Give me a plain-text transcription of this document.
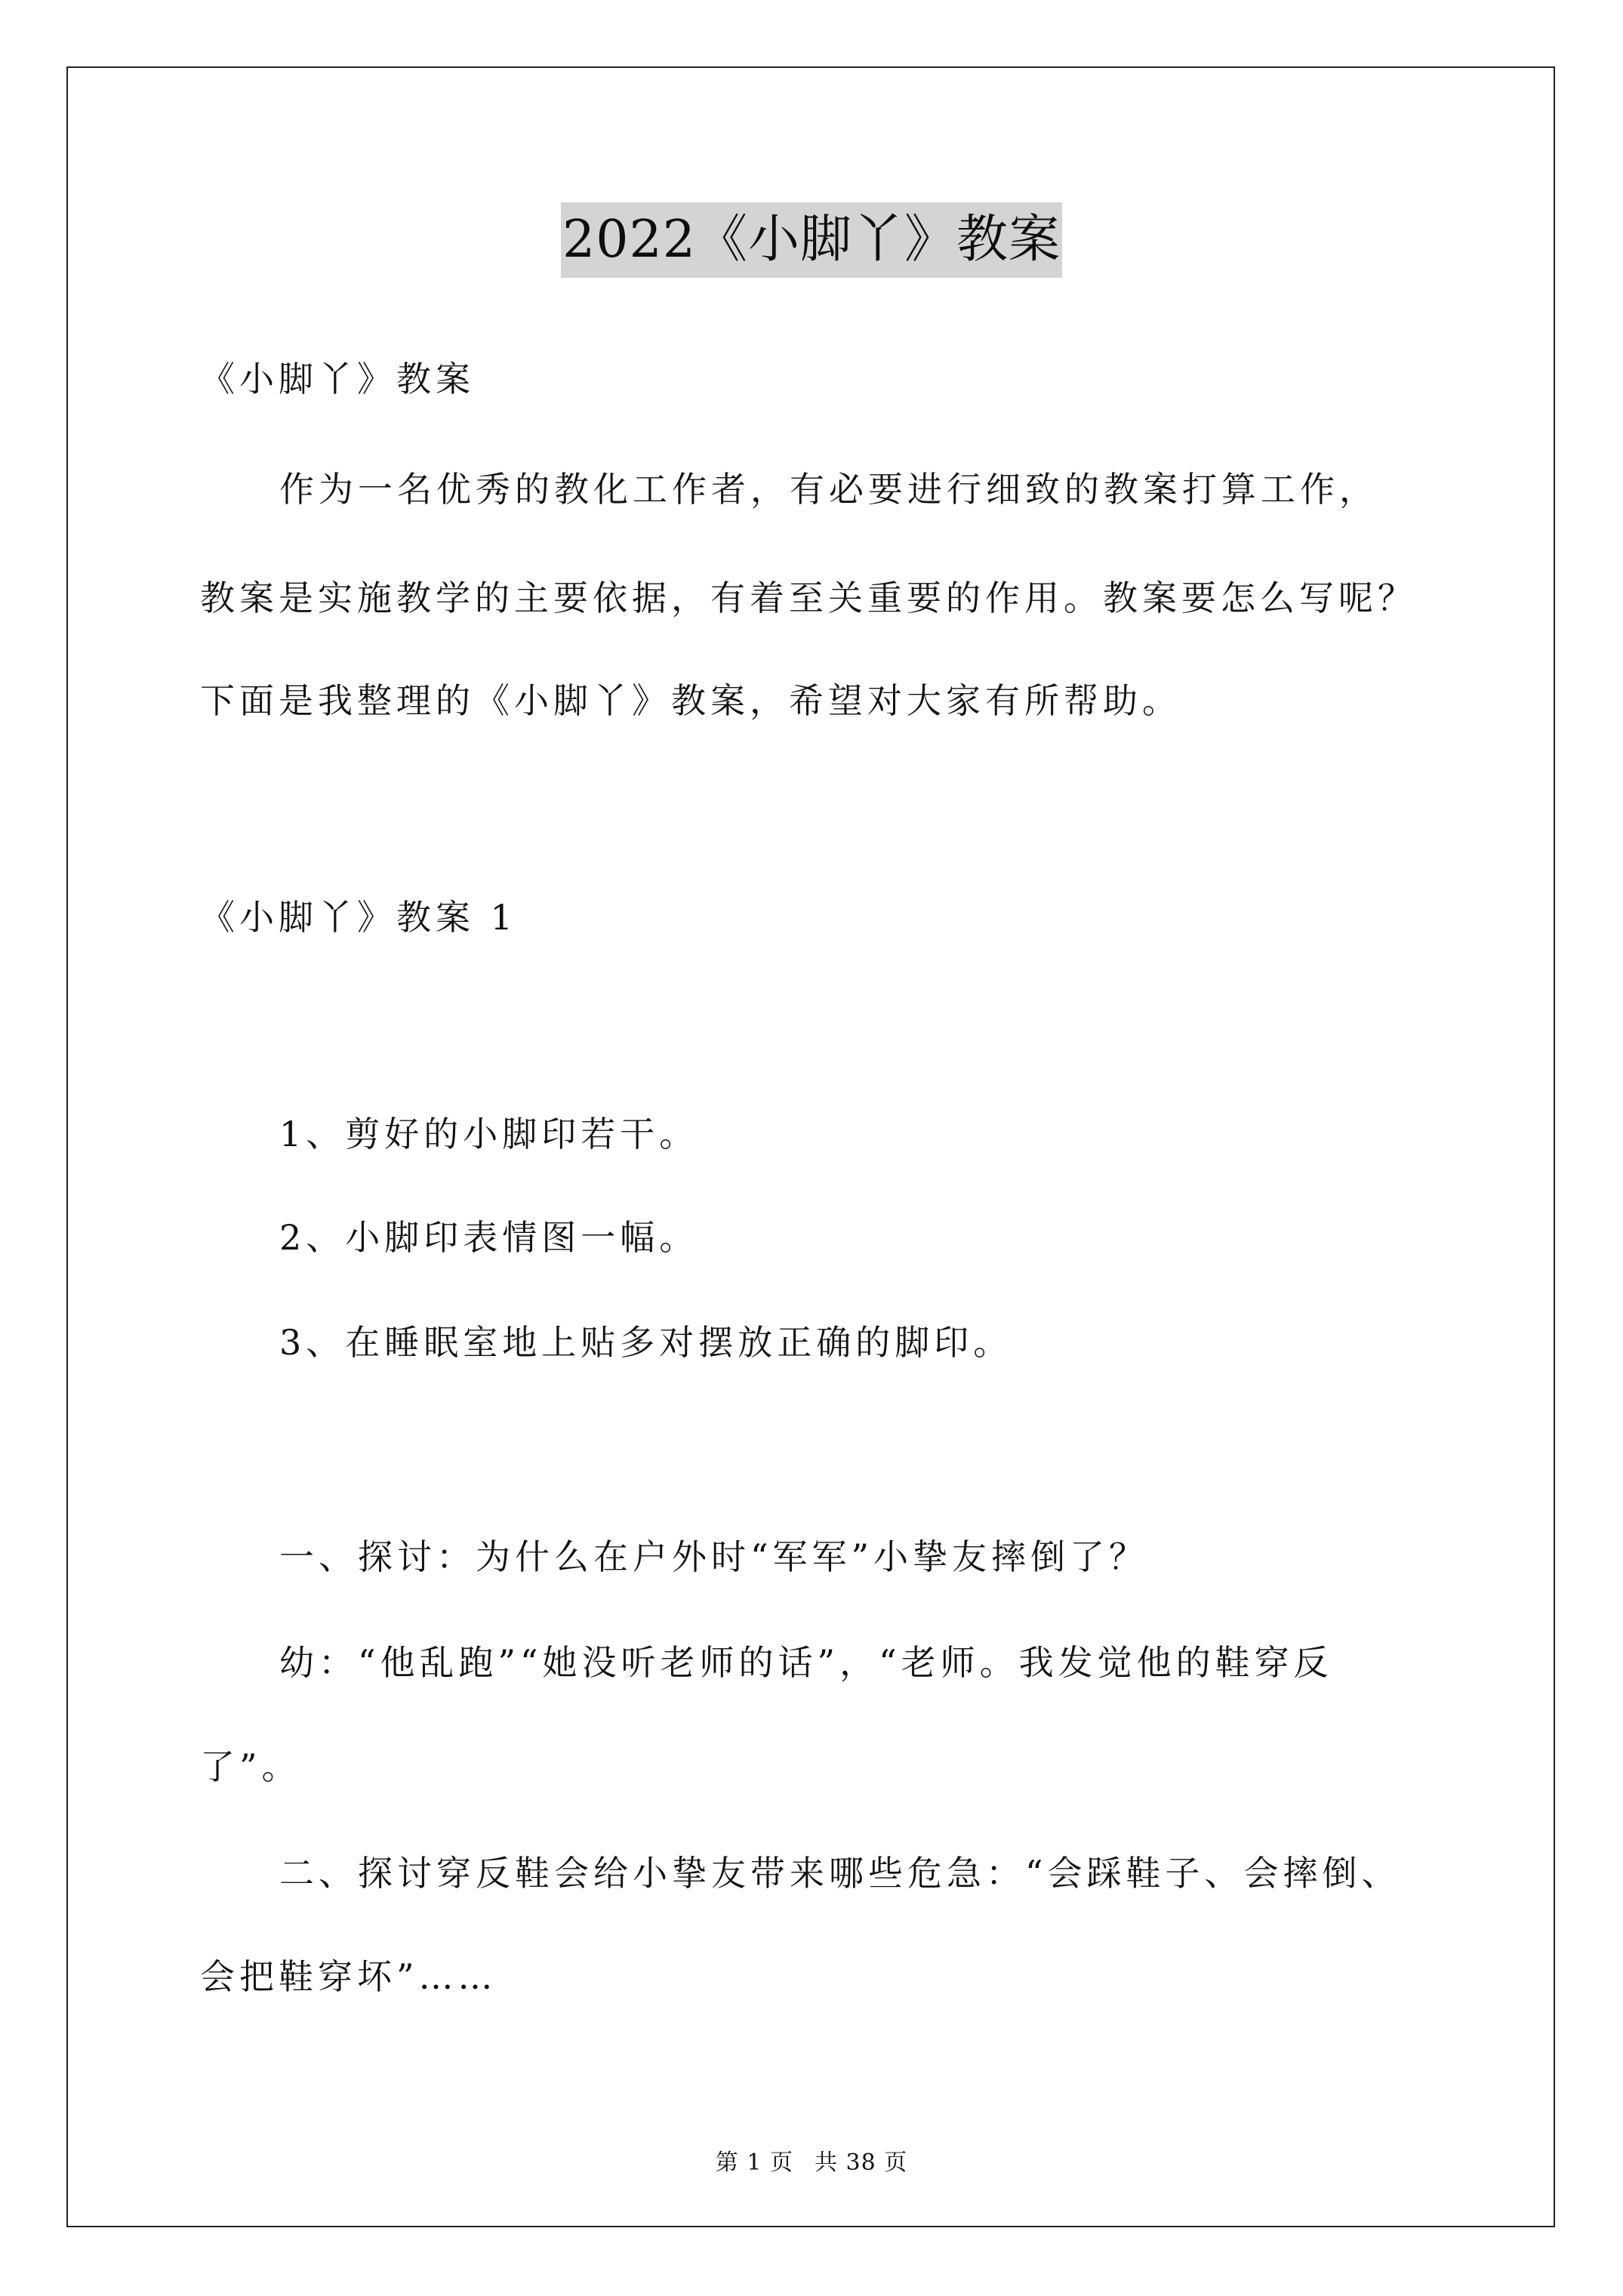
2022《小脚丫》教案
《小脚丫》教案
作为一名优秀的教化工作者，有必要进行细致的教案打算工作，
教案是实施教学的主要依据，有着至关重要的作用。教案要怎么写呢？
下面是我整理的《小脚丫》教案，希望对大家有所帮助。
《小脚丫》教案 1
1、剪好的小脚印若干。
2、小脚印表情图一幅。
3、在睡眠室地上贴多对摆放正确的脚印。
一、探讨：为什么在户外时“军军”小挚友摔倒了？
幼：“他乱跑”“她没听老师的话”，“老师。我发觉他的鞋穿反
了”。
二、探讨穿反鞋会给小挚友带来哪些危急：“会踩鞋子、会摔倒、
会把鞋穿坏”……
第 1 页 共 38 页
